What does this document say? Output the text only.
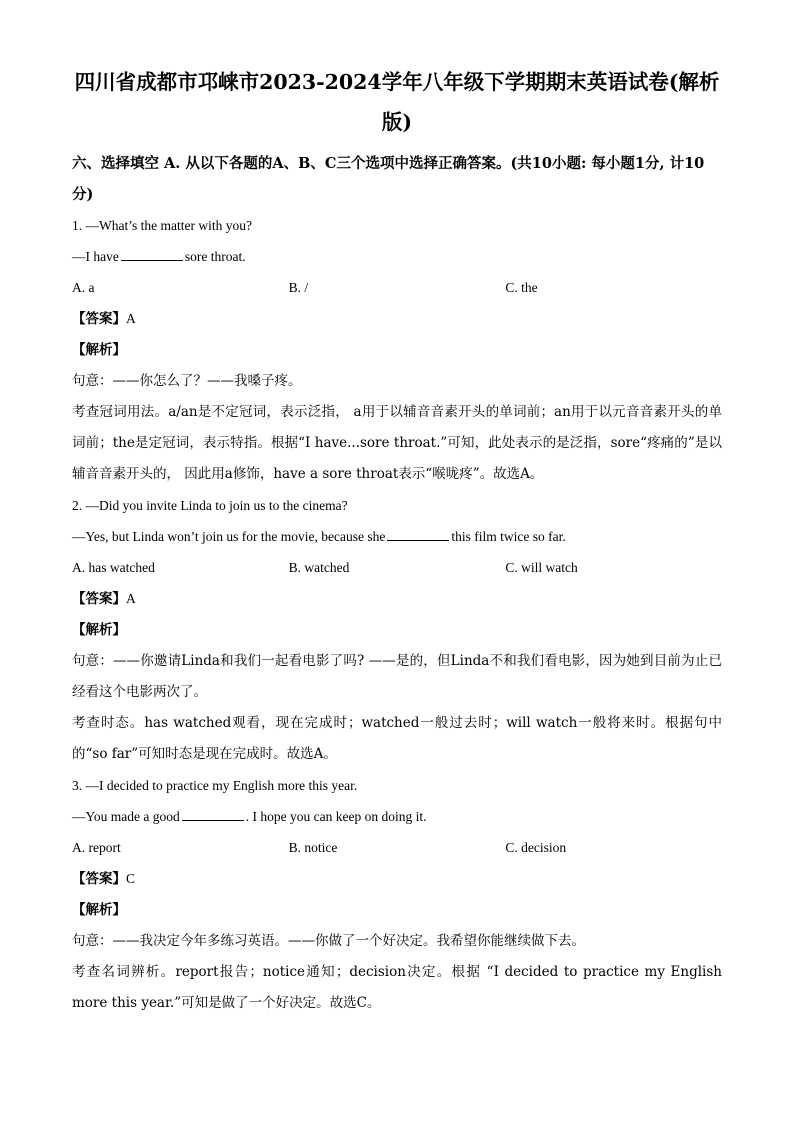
四川省成都市邛崃市2023-2024学年八年级下学期期末英语试卷(解析版)
六、选择填空 A. 从以下各题的A、B、C三个选项中选择正确答案。(共10小题: 每小题1分, 计10分)
1. —What’s the matter with you?
—I have	sore throat.
A. a	B. /	C. the
【答案】A
【解析】
句意：——你怎么了？——我嗓子疼。
考查冠词用法。a/an是不定冠词，表示泛指， a用于以辅音音素开头的单词前；an用于以元音音素开头的单词前；the是定冠词，表示特指。根据“I have...sore throat.”可知，此处表示的是泛指，sore“疼痛的”是以辅音音素开头的， 因此用a修饰，have a sore throat表示“喉咙疼”。故选A。
2. —Did you invite Linda to join us to the cinema?
—Yes, but Linda won’t join us for the movie, because she	this film twice so far.
A. has watched	B. watched	C. will watch
【答案】A
【解析】
句意：——你邀请Linda和我们一起看电影了吗? ——是的，但Linda不和我们看电影，因为她到目前为止已经看这个电影两次了。
考查时态。has watched观看，现在完成时；watched一般过去时；will watch一般将来时。根据句中的“so far”可知时态是现在完成时。故选A。
3. —I decided to practice my English more this year.
—You made a good	. I hope you can keep on doing it.
A. report	B. notice	C. decision
【答案】C
【解析】
句意：——我决定今年多练习英语。——你做了一个好决定。我希望你能继续做下去。
考查名词辨析。report报告；notice通知；decision决定。根据 “I decided to practice my English more this year.”可知是做了一个好决定。故选C。
